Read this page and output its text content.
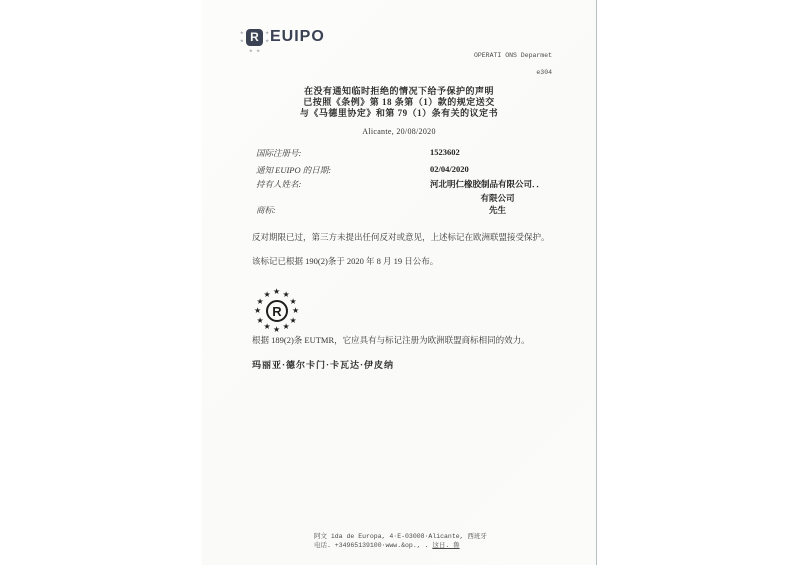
R
★
★
★
★
★ ★
EUIPO
OPERATI ONS Deparmet
e304
在没有通知临时拒绝的情况下给予保护的声明
已按照《条例》第 18 条第（1）款的规定送交
与《马德里协定》和第 79（1）条有关的议定书
Alicante, 20/08/2020
国际注册号:	1523602
通知 EUIPO 的日期:	02/04/2020
持有人姓名:	河北明仁橡胶制品有限公司．．
有限公司
商标:	先生
反对期限已过，第三方未提出任何反对或意见，上述标记在欧洲联盟接受保护。
该标记已根据 190(2)条于 2020 年 8 月 19 日公布。
R
★ ★
★
★
★
★
★
★
★
★
★
★
根据 189(2)条 EUTMR，它应具有与标记注册为欧洲联盟商标相同的效力。
玛丽亚·德尔卡门·卡瓦达·伊皮纳
阿文 ida de Europa, 4·E-03008·Alicante, 西班牙
电话. +34965139100·www.&op., . 这日. 鲁
